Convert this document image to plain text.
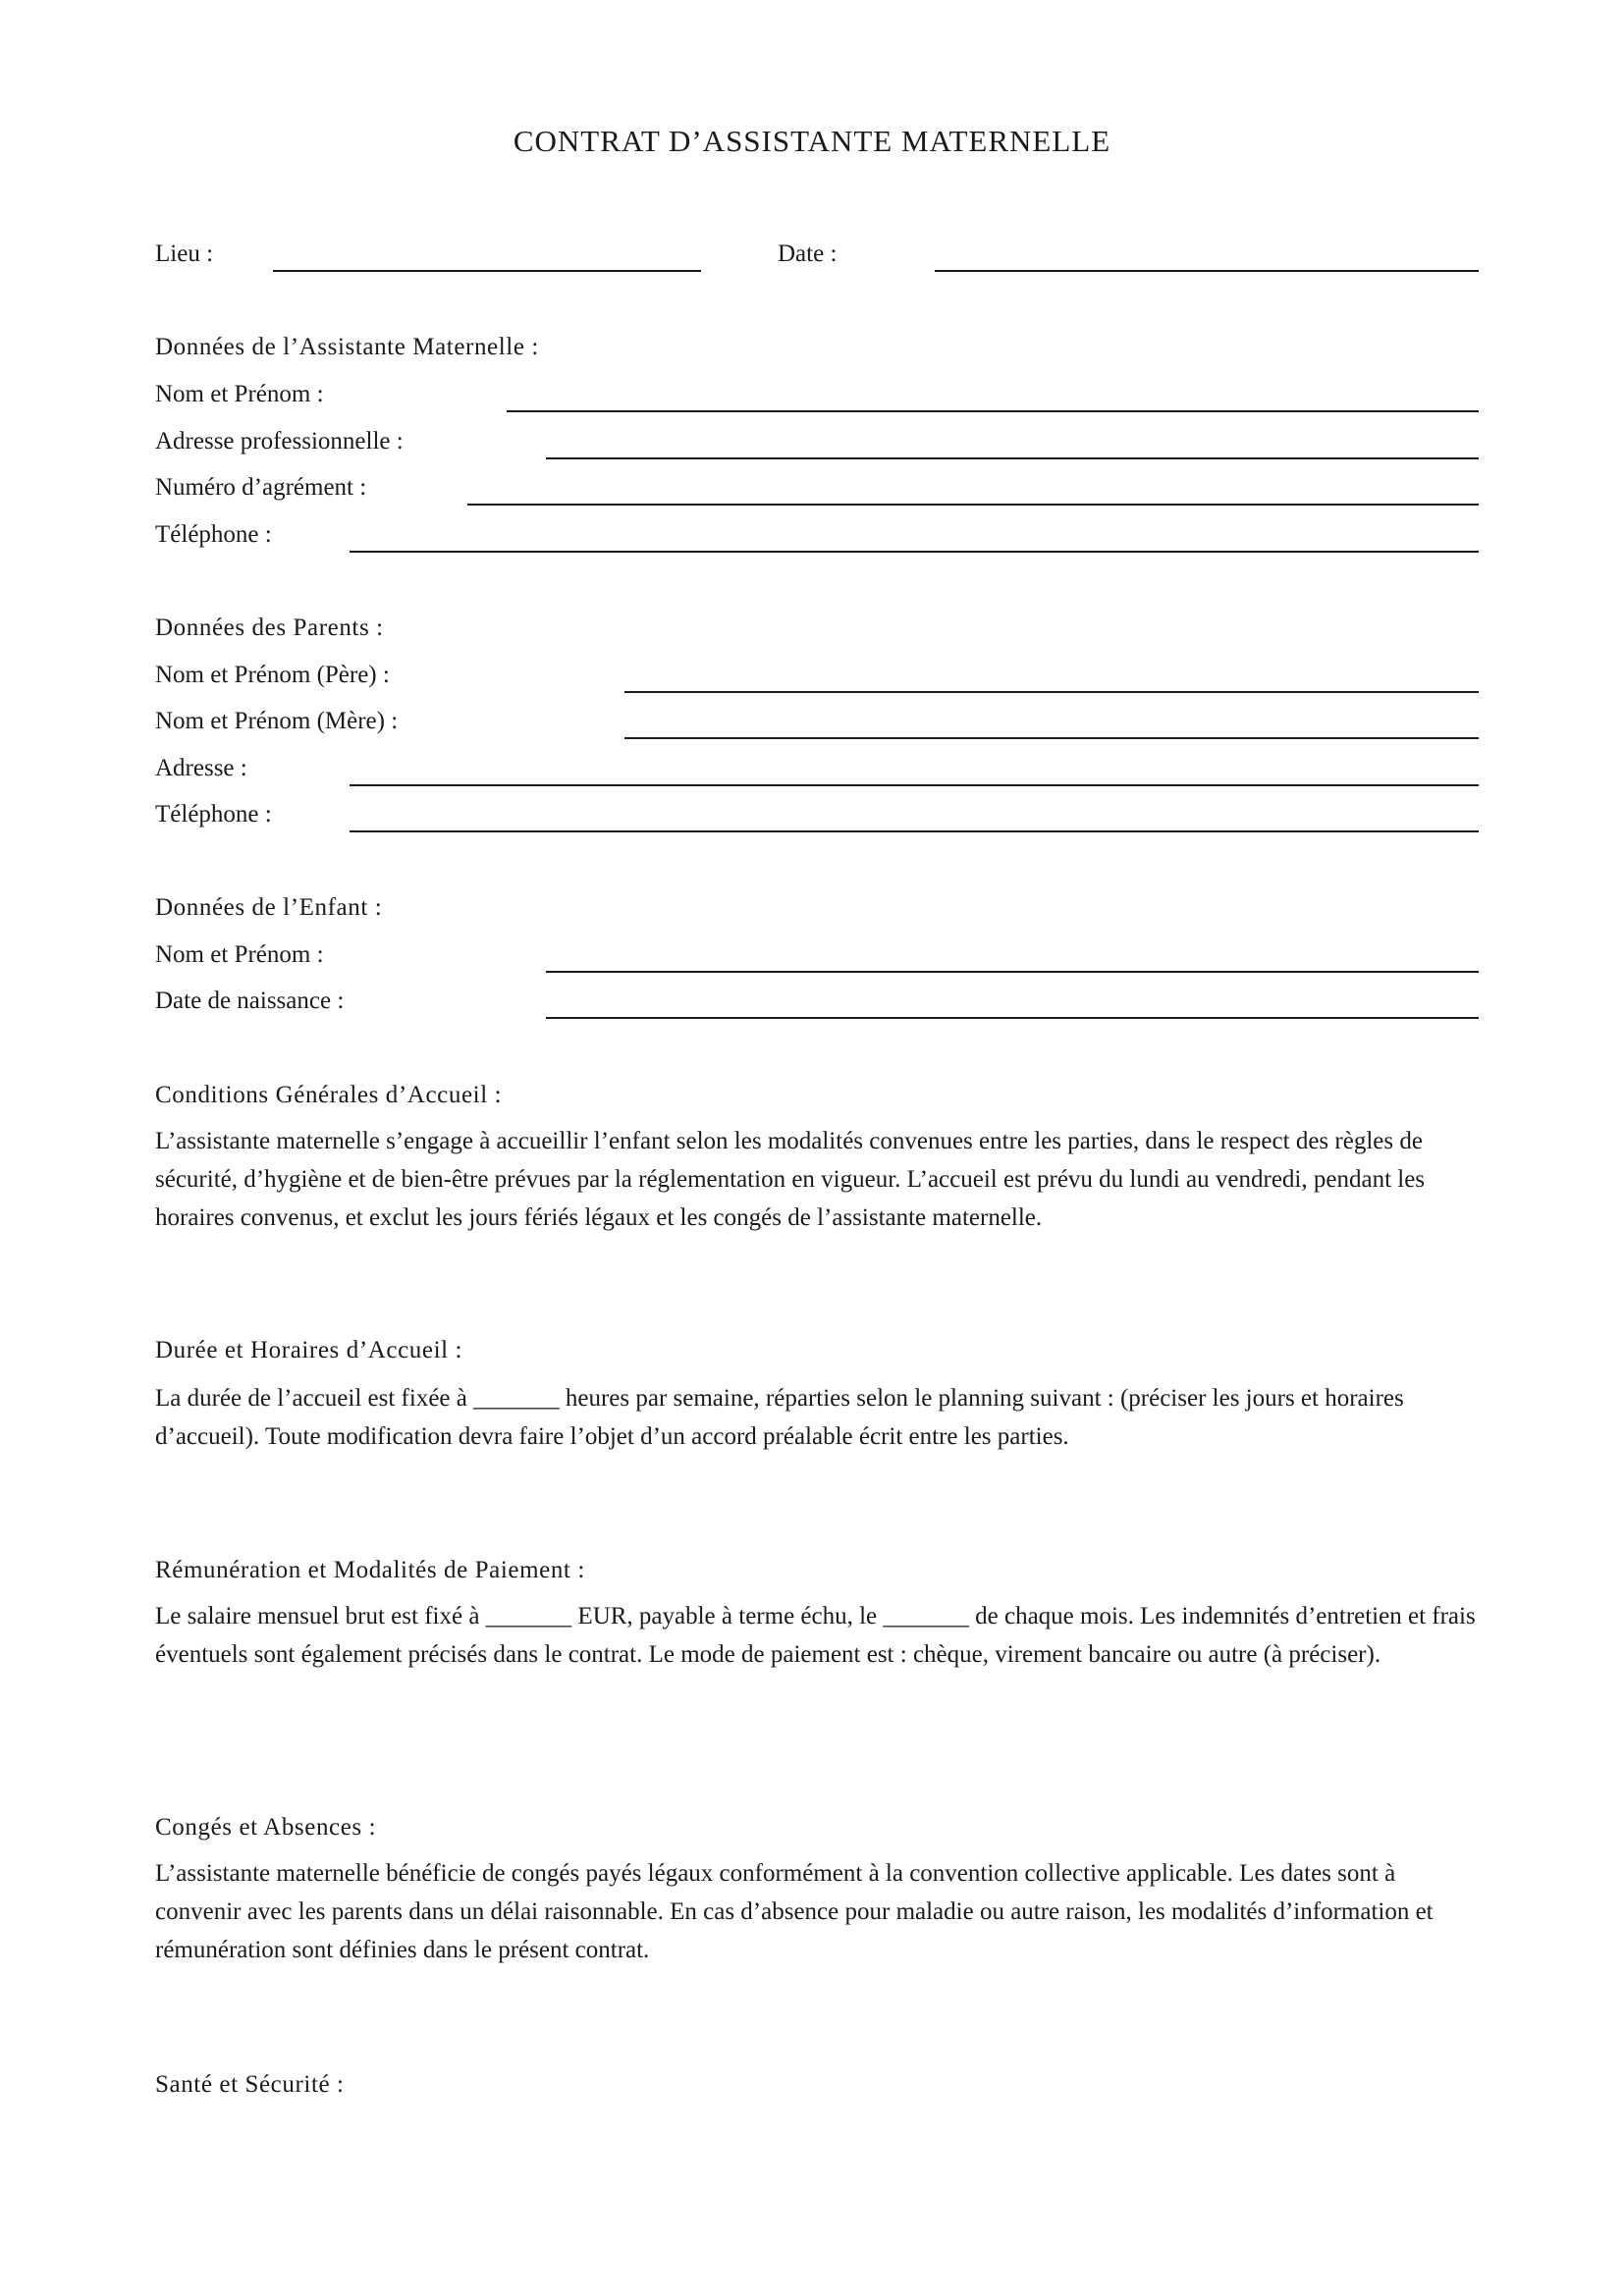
CONTRAT D’ASSISTANTE MATERNELLE
Lieu :	Date :
Données de l’Assistante Maternelle :
Nom et Prénom :
Adresse professionnelle :
Numéro d’agrément :
Téléphone :
Données des Parents :
Nom et Prénom (Père) :
Nom et Prénom (Mère) :
Adresse :
Téléphone :
Données de l’Enfant :
Nom et Prénom :
Date de naissance :
Conditions Générales d’Accueil :

L’assistante maternelle s’engage à accueillir l’enfant selon les modalités convenues entre les parties, dans le respect des règles de sécurité, d’hygiène et de bien-être prévues par la réglementation en vigueur. L’accueil est prévu du lundi au vendredi, pendant les horaires convenus, et exclut les jours fériés légaux et les congés de l’assistante maternelle.

Durée et Horaires d’Accueil :

La durée de l’accueil est fixée à _______ heures par semaine, réparties selon le planning suivant : (préciser les jours et horaires d’accueil). Toute modification devra faire l’objet d’un accord préalable écrit entre les parties.

Rémunération et Modalités de Paiement :

Le salaire mensuel brut est fixé à _______ EUR, payable à terme échu, le _______ de chaque mois. Les indemnités d’entretien et frais éventuels sont également précisés dans le contrat. Le mode de paiement est : chèque, virement bancaire ou autre (à préciser).

Congés et Absences :

L’assistante maternelle bénéficie de congés payés légaux conformément à la convention collective applicable. Les dates sont à convenir avec les parents dans un délai raisonnable. En cas d’absence pour maladie ou autre raison, les modalités d’information et rémunération sont définies dans le présent contrat.

Santé et Sécurité :
